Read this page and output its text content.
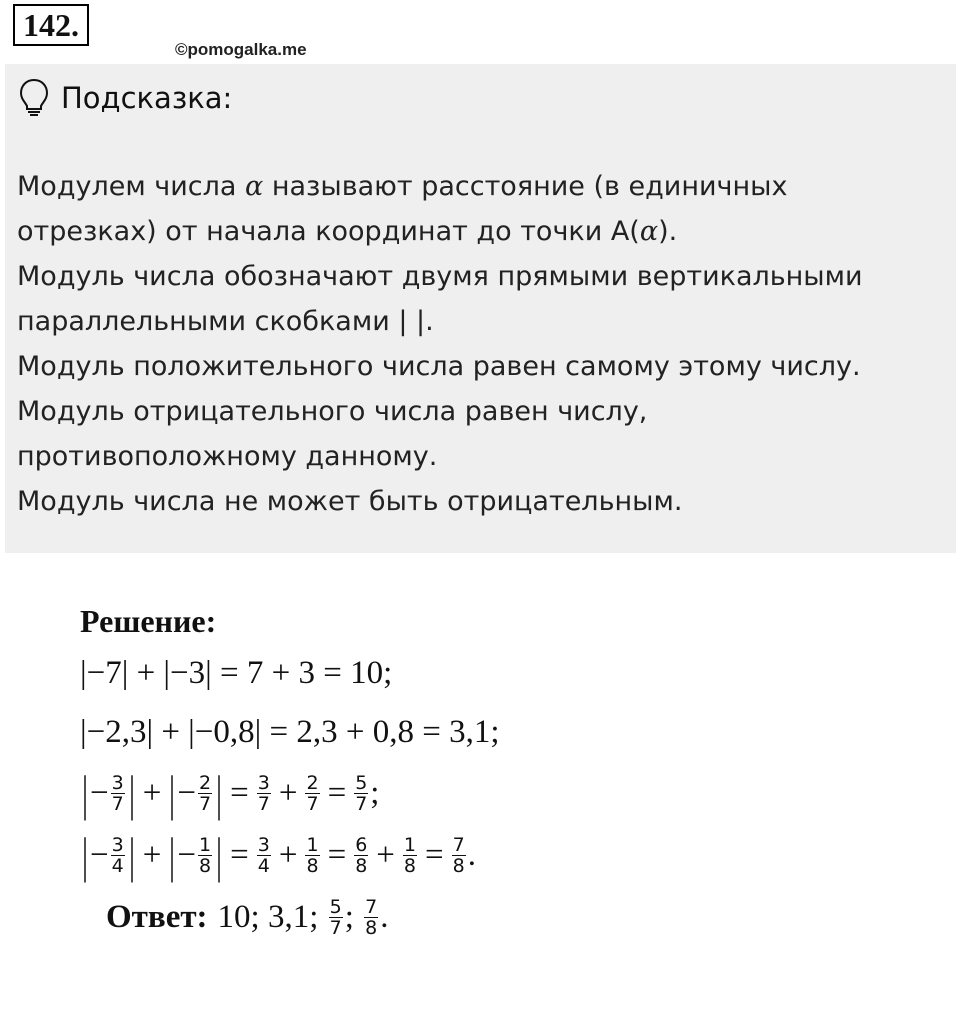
142.
©pomogalka.me
Подсказка:
Модулем числа α называют расстояние (в единичных
отрезках) от начала координат до точки А(α).
Модуль числа обозначают двумя прямыми вертикальными
параллельными скобками | |.
Модуль положительного числа равен самому этому числу.
Модуль отрицательного числа равен числу,
противоположному данному.
Модуль числа не может быть отрицательным.
Решение:
|−7| + |−3| = 7 + 3 = 10;
|−2,3| + |−0,8| = 2,3 + 0,8 = 3,1;
| − $\frac{3}{7}$ | + | − $\frac{2}{7}$ | = $\frac{3}{7} + \frac{2}{7} = \frac{5}{7}$ ;
| − $\frac{3}{4}$ | + | − $\frac{1}{8}$ | = $\frac{3}{4} + \frac{1}{8} = \frac{6}{8} + \frac{1}{8} = \frac{7}{8}$ .
Ответ: 10; 3,1;
$\frac{5}{7}$ ;
$\frac{7}{8}$ .
